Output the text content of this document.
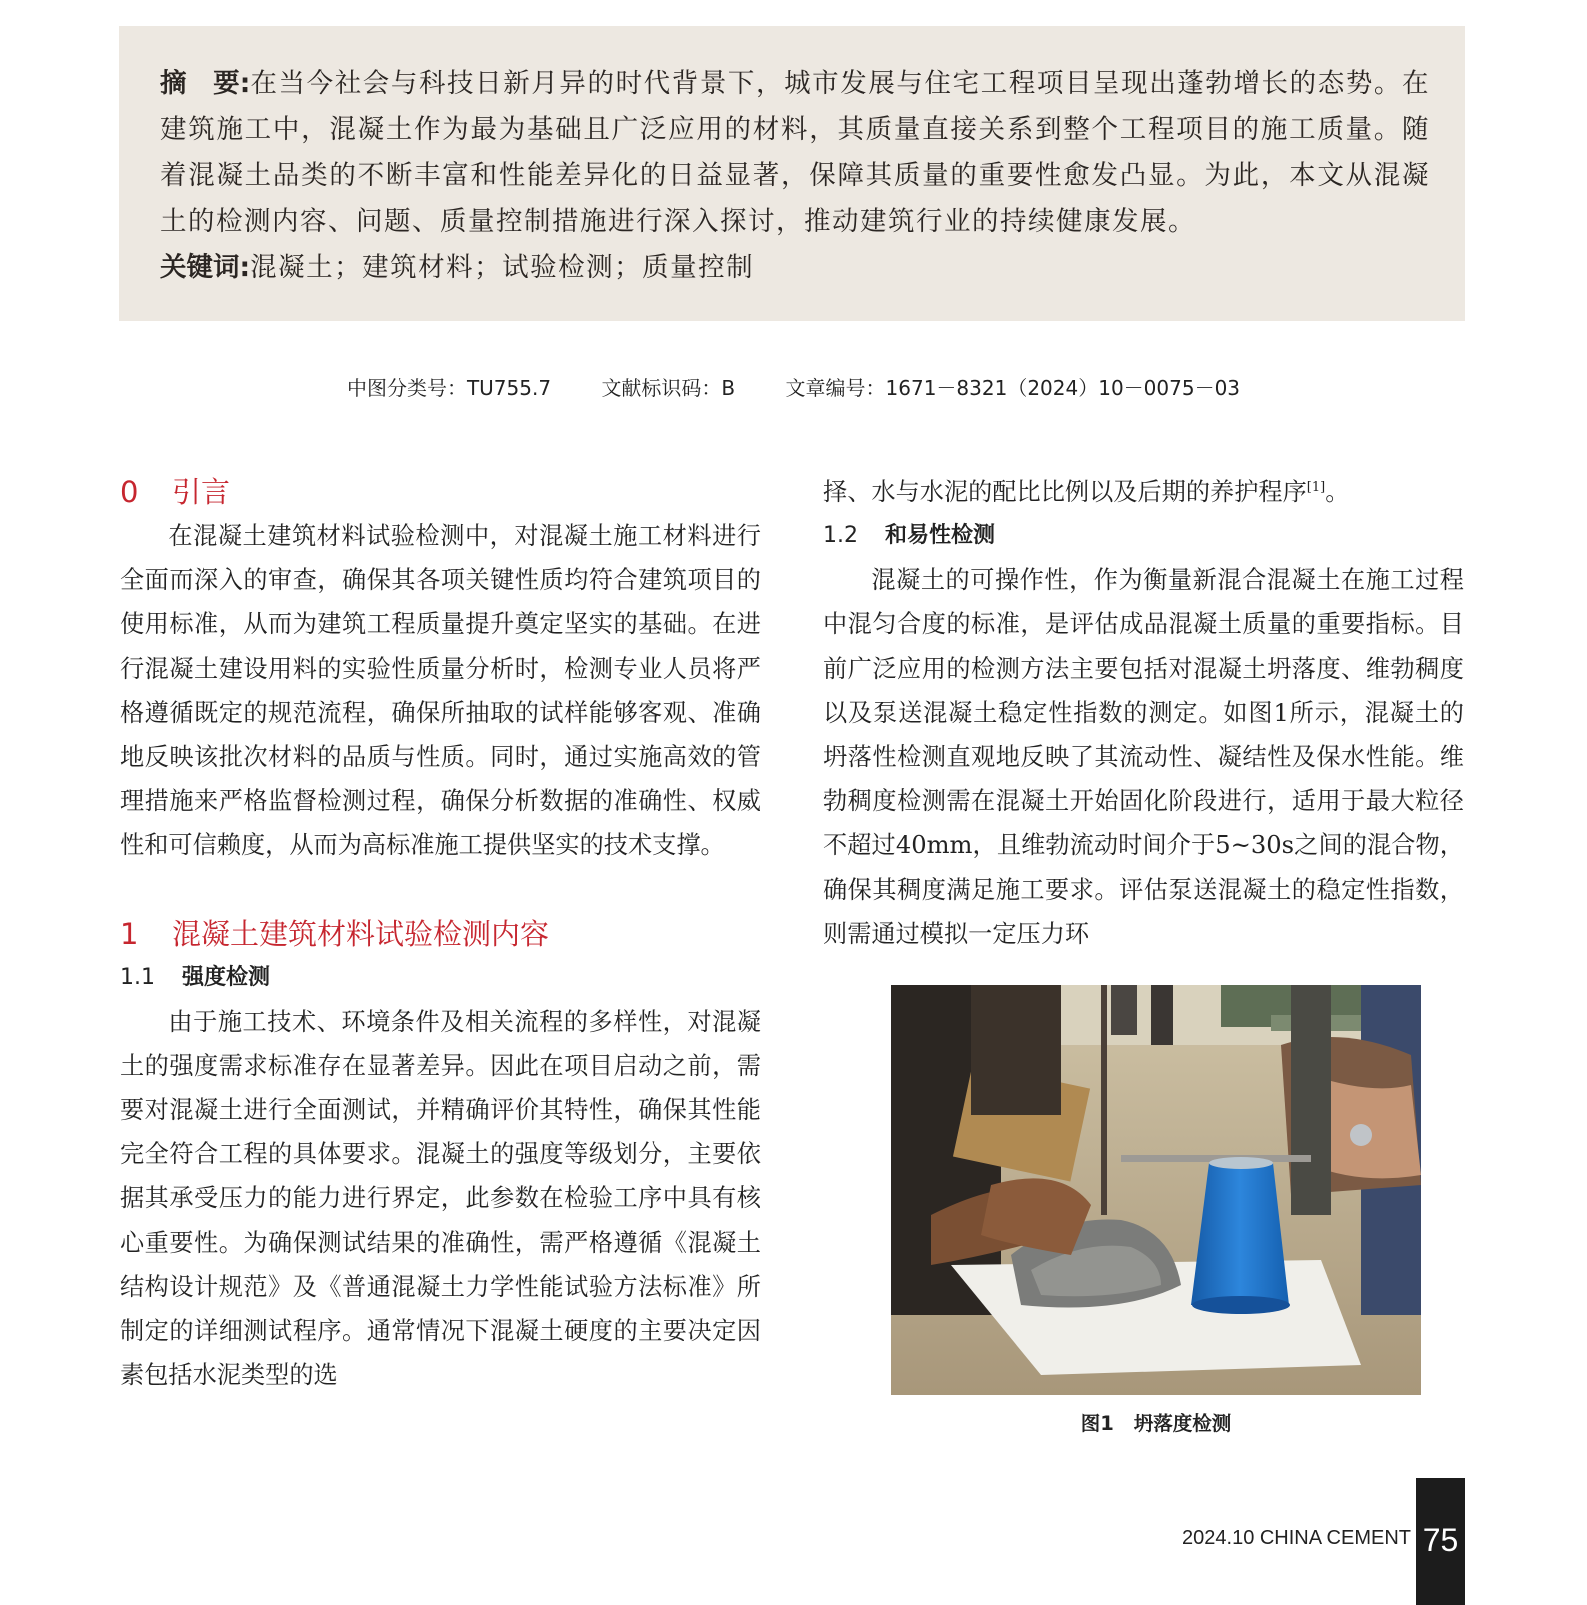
摘　要:在当今社会与科技日新月异的时代背景下，城市发展与住宅工程项目呈现出蓬勃增长的态势。在建筑施工中，混凝土作为最为基础且广泛应用的材料，其质量直接关系到整个工程项目的施工质量。随着混凝土品类的不断丰富和性能差异化的日益显著，保障其质量的重要性愈发凸显。为此，本文从混凝土的检测内容、问题、质量控制措施进行深入探讨，推动建筑行业的持续健康发展。
关键词:混凝土；建筑材料；试验检测；质量控制
中图分类号：TU755.7	文献标识码：B	文章编号：1671－8321（2024）10－0075－03
0 引言

在混凝土建筑材料试验检测中，对混凝土施工材料进行全面而深入的审查，确保其各项关键性质均符合建筑项目的使用标准，从而为建筑工程质量提升奠定坚实的基础。在进行混凝土建设用料的实验性质量分析时，检测专业人员将严格遵循既定的规范流程，确保所抽取的试样能够客观、准确地反映该批次材料的品质与性质。同时，通过实施高效的管理措施来严格监督检测过程，确保分析数据的准确性、权威性和可信赖度，从而为高标准施工提供坚实的技术支撑。

1 混凝土建筑材料试验检测内容
1.1 强度检测

由于施工技术、环境条件及相关流程的多样性，对混凝土的强度需求标准存在显著差异。因此在项目启动之前，需要对混凝土进行全面测试，并精确评价其特性，确保其性能完全符合工程的具体要求。混凝土的强度等级划分，主要依据其承受压力的能力进行界定，此参数在检验工序中具有核心重要性。为确保测试结果的准确性，需严格遵循《混凝土结构设计规范》及《普通混凝土力学性能试验方法标准》所制定的详细测试程序。通常情况下混凝土硬度的主要决定因素包括水泥类型的选

择、水与水泥的配比比例以及后期的养护程序[1]。

1.2 和易性检测

混凝土的可操作性，作为衡量新混合混凝土在施工过程中混匀合度的标准，是评估成品混凝土质量的重要指标。目前广泛应用的检测方法主要包括对混凝土坍落度、维勃稠度以及泵送混凝土稳定性指数的测定。如图1所示，混凝土的坍落性检测直观地反映了其流动性、凝结性及保水性能。维勃稠度检测需在混凝土开始固化阶段进行，适用于最大粒径不超过40mm，且维勃流动时间介于5~30s之间的混合物，确保其稠度满足施工要求。评估泵送混凝土的稳定性指数，则需通过模拟一定压力环

图1 坍落度检测
2024.10 CHINA CEMENT 75
